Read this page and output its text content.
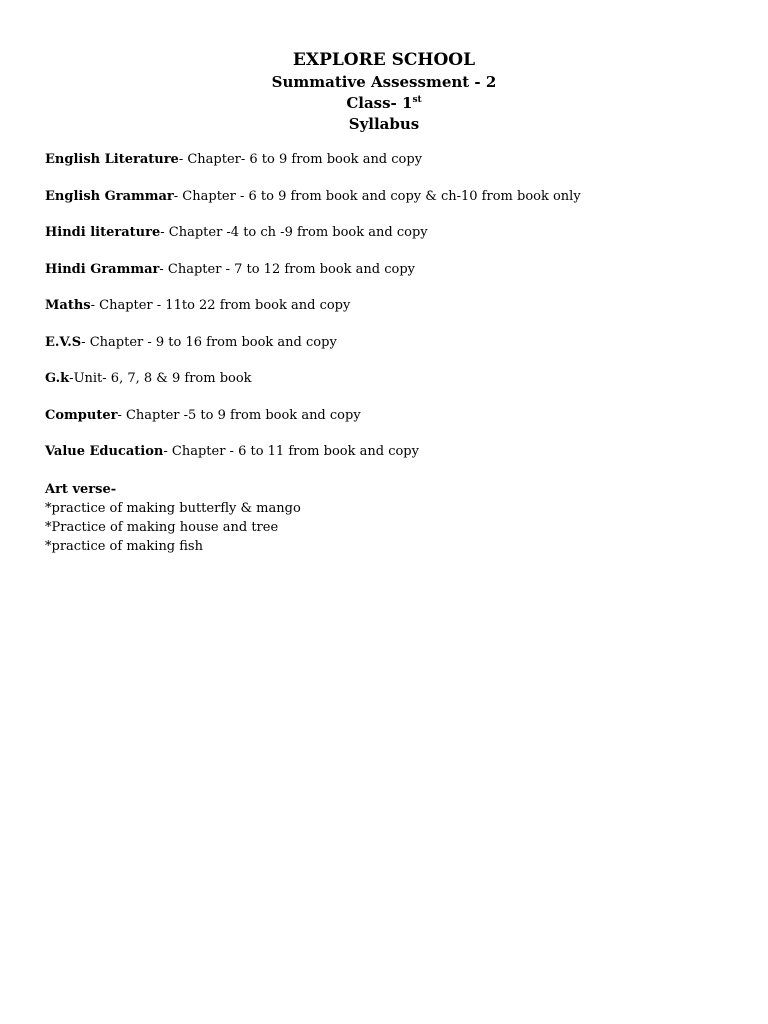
EXPLORE SCHOOL

Summative Assessment - 2

Class- 1st

Syllabus

English Literature- Chapter- 6 to 9 from book and copy

English Grammar- Chapter - 6 to 9 from book and copy & ch-10 from book only

Hindi literature- Chapter -4 to ch -9 from book and copy

Hindi Grammar- Chapter - 7 to 12 from book and copy

Maths- Chapter - 11to 22 from book and copy

E.V.S- Chapter - 9 to 16 from book and copy

G.k-Unit- 6, 7, 8 & 9 from book

Computer- Chapter -5 to 9 from book and copy

Value Education- Chapter - 6 to 11 from book and copy

Art verse-

*practice of making butterfly & mango

*Practice of making house and tree

*practice of making fish
